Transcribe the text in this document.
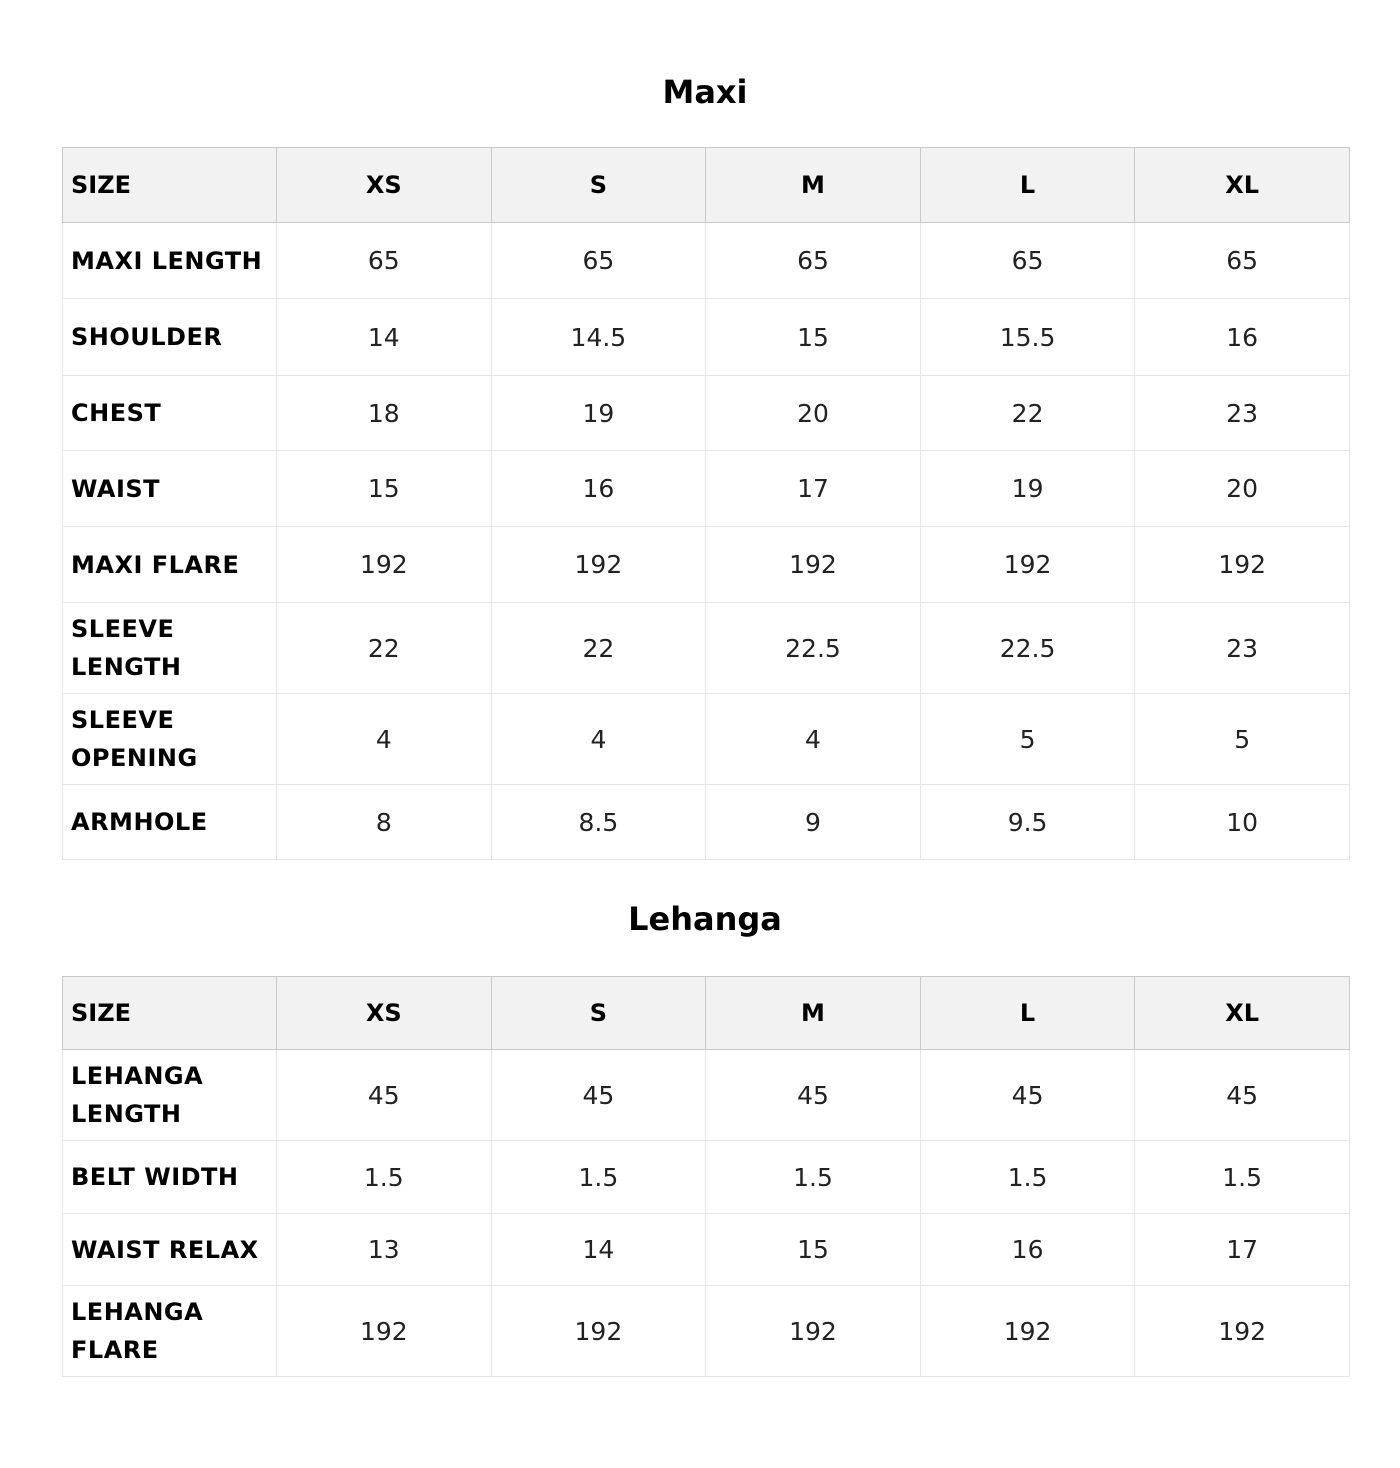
Maxi
SIZE	XS	S	M	L	XL
MAXI LENGTH	65	65	65	65	65
SHOULDER	14	14.5	15	15.5	16
CHEST	18	19	20	22	23
WAIST	15	16	17	19	20
MAXI FLARE	192	192	192	192	192
SLEEVE LENGTH	22	22	22.5	22.5	23
SLEEVE OPENING	4	4	4	5	5
ARMHOLE	8	8.5	9	9.5	10
Lehanga
SIZE	XS	S	M	L	XL
LEHANGA LENGTH	45	45	45	45	45
BELT WIDTH	1.5	1.5	1.5	1.5	1.5
WAIST RELAX	13	14	15	16	17
LEHANGA FLARE	192	192	192	192	192
